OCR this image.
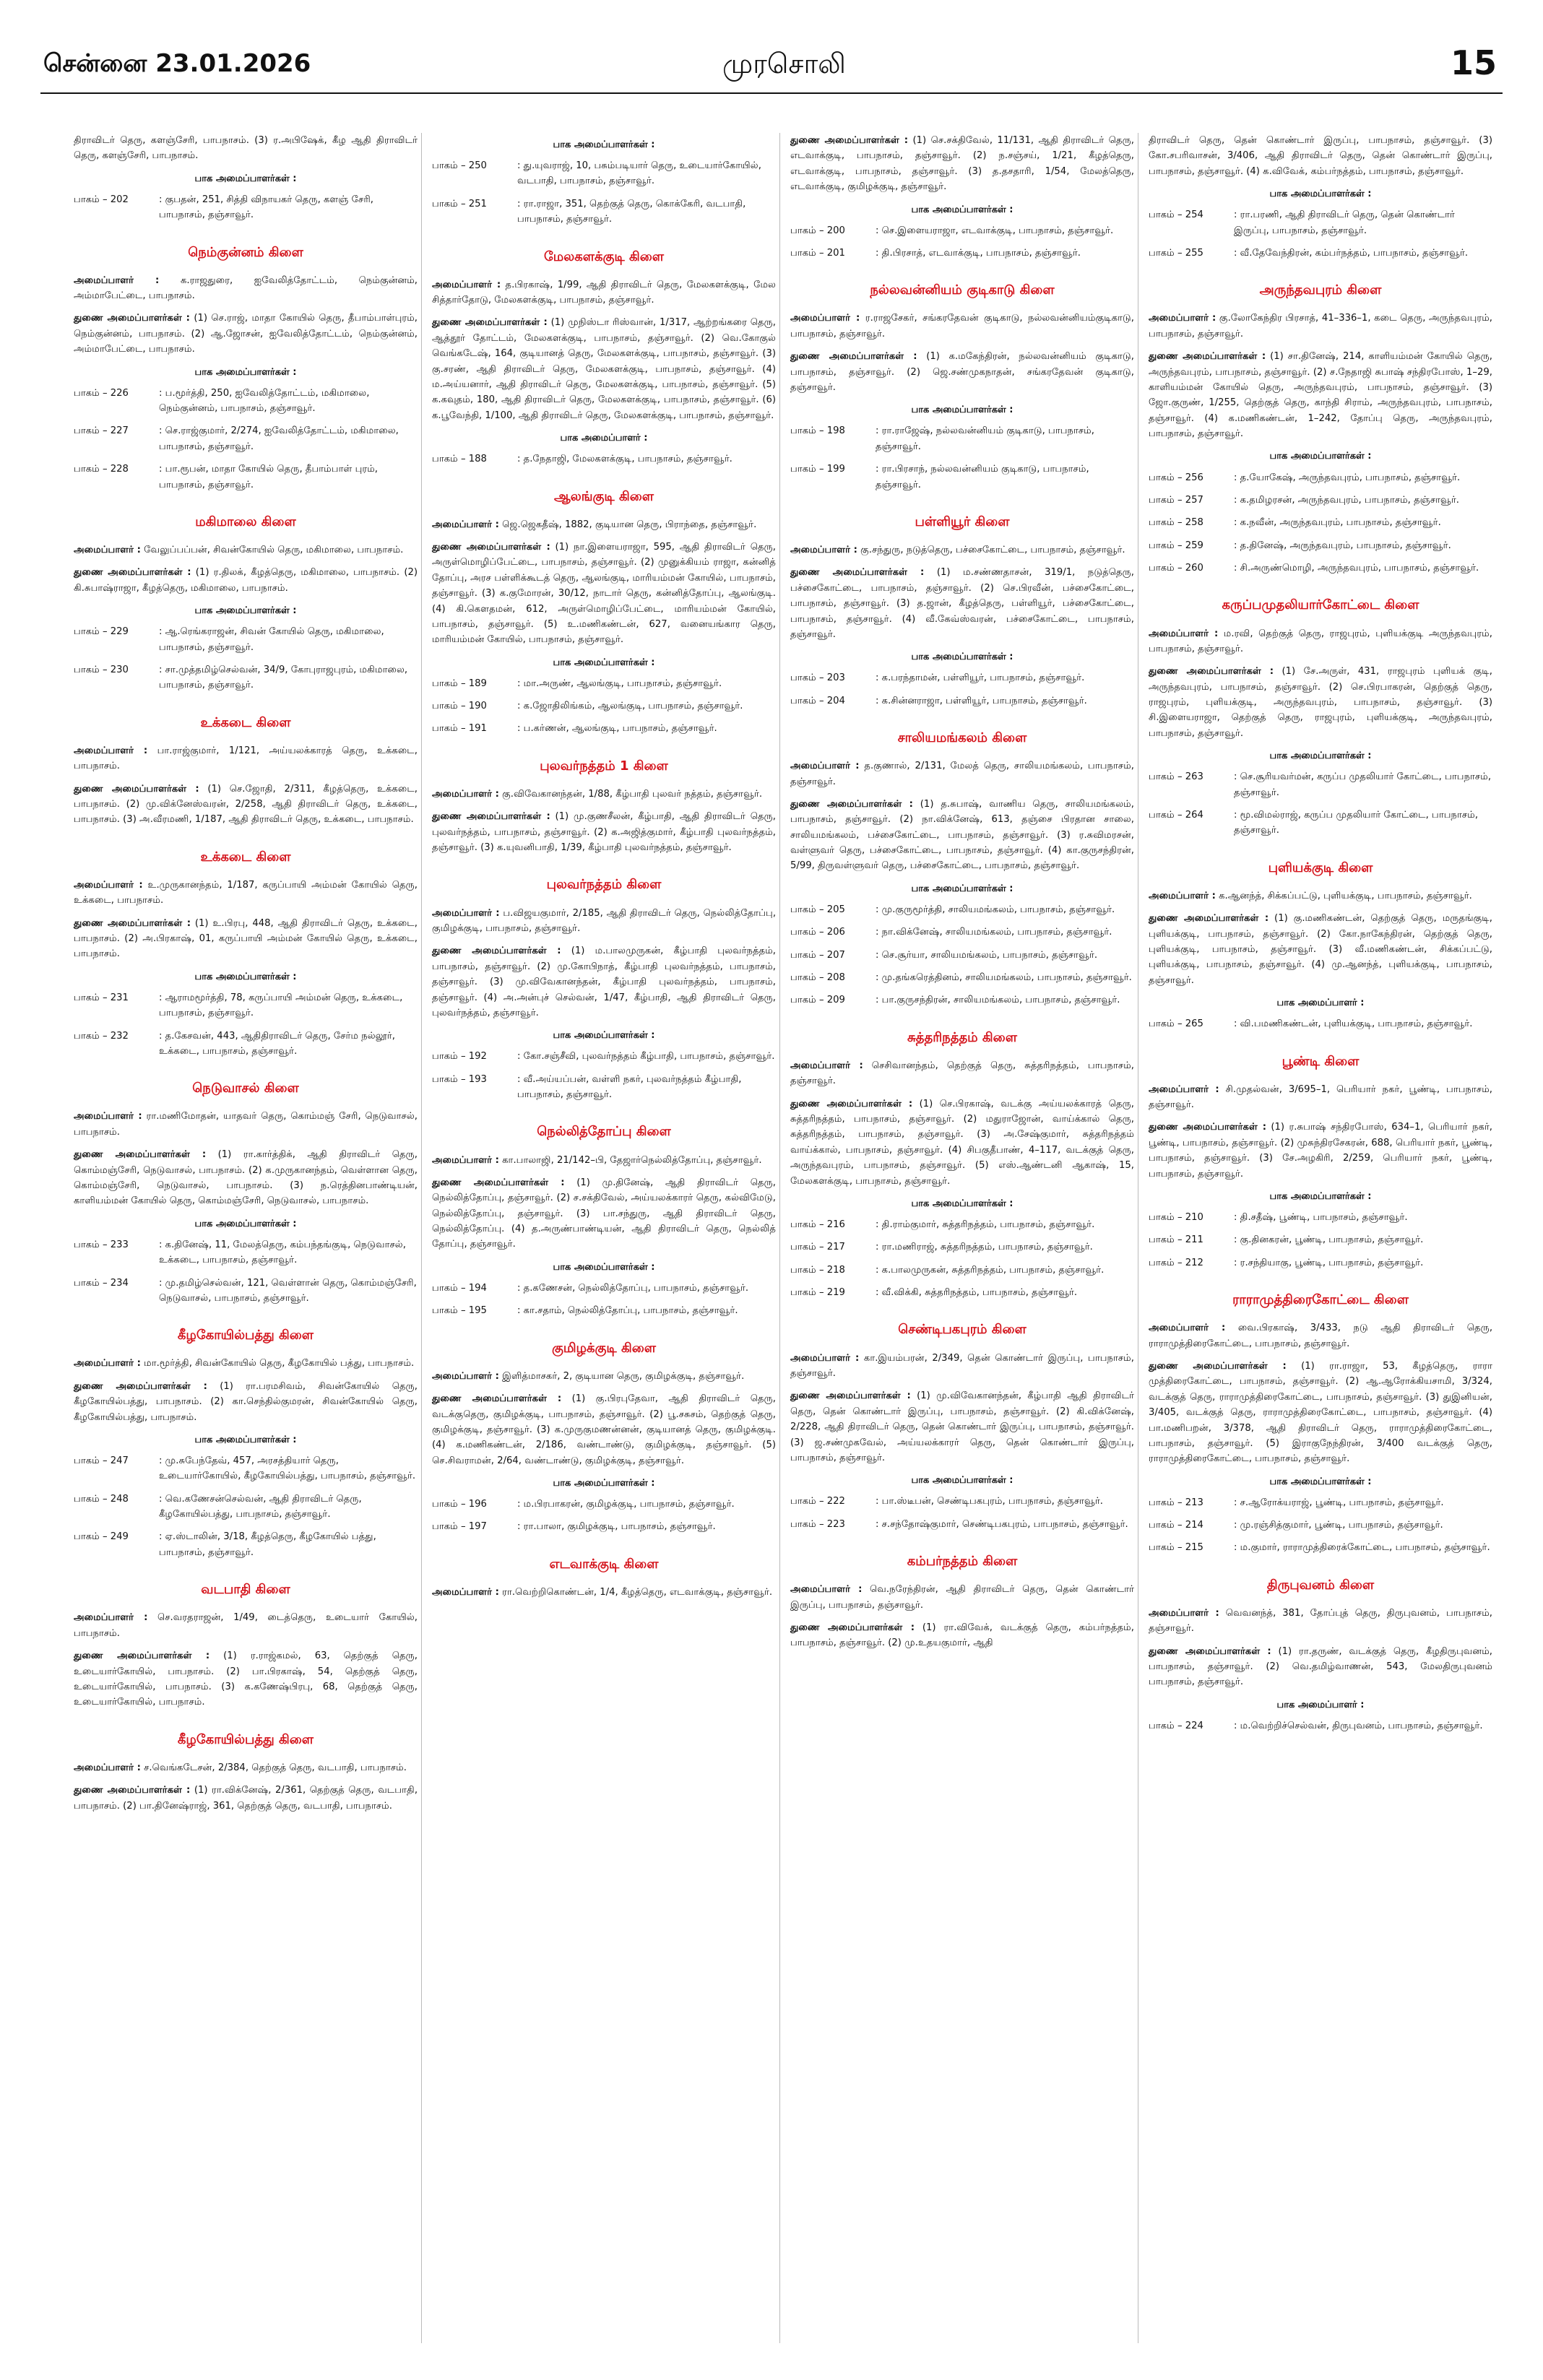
சென்னை 23.01.2026	முரசொலி	15

திராவிடர் தெரு, களஞ்சேரி, பாபநாசம். (3) ர.அபிஷேக், கீழ ஆதி திராவிடர் தெரு, களஞ்சேரி, பாபநாசம்.

பாக அமைப்பாளர்கள் :
பாகம் – 202	: குபதன், 251, சித்தி விநாயகர் தெரு, களஞ் சேரி, பாபநாசம், தஞ்சாவூர்.
நெம்குன்னம் கிளை

அமைப்பாளர் : க.ராஜதுரை, ஐவேலித்தோட்டம், நெம்குன்னம், அம்மாபேட்டை, பாபநாசம்.

துணை அமைப்பாளர்கள் : (1) செ.ராஜ், மாதா கோயில் தெரு, தீபாம்பாள்புரம், நெம்குன்னம், பாபநாசம். (2) ஆ.ஜோசன், ஐவேலித்தோட்டம், நெம்குன்னம், அம்மாபேட்டை, பாபநாசம்.

பாக அமைப்பாளர்கள் :
பாகம் – 226	: ப.மூர்த்தி, 250, ஐவேலித்தோட்டம், மகிமாலை, நெம்குன்னம், பாபநாசம், தஞ்சாவூர்.
பாகம் – 227	: செ.ராஜ்குமார், 2/274, ஐவேலித்தோட்டம், மகிமாலை, பாபநாசம், தஞ்சாவூர்.
பாகம் – 228	: பா.ரூபன், மாதா கோயில் தெரு, தீபாம்பாள் புரம், பாபநாசம், தஞ்சாவூர்.
மகிமாலை கிளை

அமைப்பாளர் : வேலுப்பப்பன், சிவன்கோயில் தெரு, மகிமாலை, பாபநாசம்.

துணை அமைப்பாளர்கள் : (1) ர.திலக், கீழத்தெரு, மகிமாலை, பாபநாசம். (2) கி.சுபாஷ்ராஜா, கீழத்தெரு, மகிமாலை, பாபநாசம்.

பாக அமைப்பாளர்கள் :
பாகம் – 229	: ஆ.ரெங்கராஜன், சிவன் கோயில் தெரு, மகிமாலை, பாபநாசம், தஞ்சாவூர்.
பாகம் – 230	: சா.முத்தமிழ்செல்வன், 34/9, கோபுராஜபுரம், மகிமாலை, பாபநாசம், தஞ்சாவூர்.
உக்கடை கிளை

அமைப்பாளர் : பா.ராஜ்குமார், 1/121, அய்யலக்காரத் தெரு, உக்கடை, பாபநாசம்.

துணை அமைப்பாளர்கள் : (1) செ.ஜோதி, 2/311, கீழத்தெரு, உக்கடை, பாபநாசம். (2) மு.விக்னேஸ்வரன், 2/258, ஆதி திராவிடர் தெரு, உக்கடை, பாபநாசம். (3) அ.வீரமணி, 1/187, ஆதி திராவிடர் தெரு, உக்கடை, பாபநாசம்.

உக்கடை கிளை

அமைப்பாளர் : உ.முருகானந்தம், 1/187, கருப்பாயி அம்மன் கோயில் தெரு, உக்கடை, பாபநாசம்.

துணை அமைப்பாளர்கள் : (1) உ.பிரபு, 448, ஆதி திராவிடர் தெரு, உக்கடை, பாபநாசம். (2) அ.பிரகாஷ், 01, கருப்பாயி அம்மன் கோயில் தெரு, உக்கடை, பாபநாசம்.

பாக அமைப்பாளர்கள் :
பாகம் – 231	: ஆராமமூர்த்தி, 78, கருப்பாயி அம்மன் தெரு, உக்கடை, பாபநாசம், தஞ்சாவூர்.
பாகம் – 232	: த.கேசவன், 443, ஆதிதிராவிடர் தெரு, சேர்ம நல்லூர், உக்கடை, பாபநாசம், தஞ்சாவூர்.
நெடுவாசல் கிளை

அமைப்பாளர் : ரா.மணிமோதன், யாதவர் தெரு, கொம்மஞ் சேரி, நெடுவாசல், பாபநாசம்.

துணை அமைப்பாளர்கள் : (1) ரா.கார்த்திக், ஆதி திராவிடர் தெரு, கொம்மஞ்சேரி, நெடுவாசல், பாபநாசம். (2) க.முருகானந்தம், வெள்ளான தெரு, கொம்மஞ்சேரி, நெடுவாசல், பாபநாசம். (3) ந.ரெத்தினபாண்டியன், காளியம்மன் கோயில் தெரு, கொம்மஞ்சேரி, நெடுவாசல், பாபநாசம்.

பாக அமைப்பாளர்கள் :
பாகம் – 233	: க.தினேஷ், 11, மேலத்தெரு, கம்பந்தங்குடி, நெடுவாசல், உக்கடை, பாபநாசம், தஞ்சாவூர்.
பாகம் – 234	: மு.தமிழ்செல்வன், 121, வெள்ளான் தெரு, கொம்மஞ்சேரி, நெடுவாசல், பாபநாசம், தஞ்சாவூர்.
கீழகோயில்பத்து கிளை

அமைப்பாளர் : மா.மூர்த்தி, சிவன்கோயில் தெரு, கீழகோயில் பத்து, பாபநாசம்.

துணை அமைப்பாளர்கள் : (1) ரா.பரமசிவம், சிவன்கோயில் தெரு, கீழகோயில்பத்து, பாபநாசம். (2) கா.செந்தில்குமரன், சிவன்கோயில் தெரு, கீழகோயில்பத்து, பாபநாசம்.

பாக அமைப்பாளர்கள் :
பாகம் – 247	: மு.சுபேந்தேவ், 457, அரசத்தியார் தெரு, உடையார்கோயில், கீழகோயில்பத்து, பாபநாசம், தஞ்சாவூர்.
பாகம் – 248	: வெ.கணேசன்செல்வன், ஆதி திராவிடர் தெரு, கீழகோயில்பத்து, பாபநாசம், தஞ்சாவூர்.
பாகம் – 249	: ஏ.ஸ்டாலின், 3/18, கீழத்தெரு, கீழகோயில் பத்து, பாபநாசம், தஞ்சாவூர்.
வடபாதி கிளை

அமைப்பாளர் : செ.வரதராஜன், 1/49, டைத்தெரு, உடையார் கோயில், பாபநாசம்.

துணை அமைப்பாளர்கள் : (1) ர.ராஜ்கமல், 63, தெற்குத் தெரு, உடையார்கோயில், பாபநாசம். (2) பா.பிரகாஷ், 54, தெற்குத் தெரு, உடையார்கோயில், பாபநாசம். (3) க.கணேஷ்பிரபு, 68, தெற்குத் தெரு, உடையார்கோயில், பாபநாசம்.

கீழகோயில்பத்து கிளை

அமைப்பாளர் : ச.வெங்கடேசன், 2/384, தெற்குத் தெரு, வடபாதி, பாபநாசம்.

துணை அமைப்பாளர்கள் : (1) ரா.விக்னேஷ், 2/361, தெற்குத் தெரு, வடபாதி, பாபநாசம். (2) பா.தினேஷ்ராஜ், 361, தெற்குத் தெரு, வடபாதி, பாபநாசம்.

பாக அமைப்பாளர்கள் :
பாகம் – 250	: து.யுவராஜ், 10, பசும்படியார் தெரு, உடையார்கோயில், வடபாதி, பாபநாசம், தஞ்சாவூர்.
பாகம் – 251	: ரா.ராஜா, 351, தெற்குத் தெரு, கொக்கேரி, வடபாதி, பாபநாசம், தஞ்சாவூர்.
மேலகளக்குடி கிளை

அமைப்பாளர் : த.பிரகாஷ், 1/99, ஆதி திராவிடர் தெரு, மேலகளக்குடி, மேல சித்தார்தோடு, மேலகளக்குடி, பாபநாசம், தஞ்சாவூர்.

துணை அமைப்பாளர்கள் : (1) முநிஸ்டா ரிஸ்வான், 1/317, ஆற்றங்கரை தெரு, ஆத்தூர் தோட்டம், மேலகளக்குடி, பாபநாசம், தஞ்சாவூர். (2) வெ.கோகுல் வெங்கடேஷ், 164, குடியானத் தெரு, மேலகளக்குடி, பாபநாசம், தஞ்சாவூர். (3) கு.சரண், ஆதி திராவிடர் தெரு, மேலகளக்குடி, பாபநாசம், தஞ்சாவூர். (4) ம.அய்யனார், ஆதி திராவிடர் தெரு, மேலகளக்குடி, பாபநாசம், தஞ்சாவூர். (5) க.கவுதம், 180, ஆதி திராவிடர் தெரு, மேலகளக்குடி, பாபநாசம், தஞ்சாவூர். (6) க.பூவேந்தி, 1/100, ஆதி திராவிடர் தெரு, மேலகளக்குடி, பாபநாசம், தஞ்சாவூர்.

பாக அமைப்பாளர் :
பாகம் – 188	: த.நேதாஜி, மேலகளக்குடி, பாபநாசம், தஞ்சாவூர்.
ஆலங்குடி கிளை

அமைப்பாளர் : ஜெ.ஜெகதீஷ், 1882, குடியான தெரு, பிராந்தை, தஞ்சாவூர்.

துணை அமைப்பாளர்கள் : (1) நா.இளையராஜா, 595, ஆதி திராவிடர் தெரு, அருள்மொழிப்பேட்டை, பாபநாசம், தஞ்சாவூர். (2) முனுக்கியம் ராஜா, கன்னித் தோப்பு, அரச பள்ளிக்கூடத் தெரு, ஆலங்குடி, மாரியம்மன் கோயில், பாபநாசம், தஞ்சாவூர். (3) க.குமோரன், 30/12, நாடார் தெரு, கன்னித்தோப்பு, ஆலங்குடி. (4) கி.கௌதமன், 612, அருள்மொழிப்பேட்டை, மாரியம்மன் கோயில், பாபநாசம், தஞ்சாவூர். (5) உ.மணிகண்டன், 627, வனையங்கார தெரு, மாரியம்மன் கோயில், பாபநாசம், தஞ்சாவூர்.

பாக அமைப்பாளர்கள் :
பாகம் – 189	: மா.அருண், ஆலங்குடி, பாபநாசம், தஞ்சாவூர்.
பாகம் – 190	: க.ஜோதிலிங்கம், ஆலங்குடி, பாபநாசம், தஞ்சாவூர்.
பாகம் – 191	: ப.கர்ணன், ஆலங்குடி, பாபநாசம், தஞ்சாவூர்.
புலவர்நத்தம் 1 கிளை

அமைப்பாளர் : கு.விவேகானந்தன், 1/88, கீழ்பாதி புலவர் நத்தம், தஞ்சாவூர்.

துணை அமைப்பாளர்கள் : (1) மு.குணசீலன், கீழ்பாதி, ஆதி திராவிடர் தெரு, புலவர்நத்தம், பாபநாசம், தஞ்சாவூர். (2) க.அஜித்குமார், கீழ்பாதி புலவர்நத்தம், தஞ்சாவூர். (3) க.யுவனிபாதி, 1/39, கீழ்பாதி புலவர்நத்தம், தஞ்சாவூர்.

புலவர்நத்தம் கிளை

அமைப்பாளர் : ப.விஜயகுமார், 2/185, ஆதி திராவிடர் தெரு, நெல்லித்தோப்பு, குமிழக்குடி, பாபநாசம், தஞ்சாவூர்.

துணை அமைப்பாளர்கள் : (1) ம.பாலமுருகன், கீழ்பாதி புலவர்நத்தம், பாபநாசம், தஞ்சாவூர். (2) மு.கோபிநாத், கீழ்பாதி புலவர்நத்தம், பாபநாசம், தஞ்சாவூர். (3) மு.விவேகானந்தன், கீழ்பாதி புலவர்நத்தம், பாபநாசம், தஞ்சாவூர். (4) அ.அன்புச் செல்வன், 1/47, கீழ்பாதி, ஆதி திராவிடர் தெரு, புலவர்நத்தம், தஞ்சாவூர்.

பாக அமைப்பாளர்கள் :
பாகம் – 192	: கோ.சஞ்சீவி, புலவர்நத்தம் கீழ்பாதி, பாபநாசம், தஞ்சாவூர்.
பாகம் – 193	: வீ.அய்யப்பன், வள்ளி நகர், புலவர்நத்தம் கீழ்பாதி, பாபநாசம், தஞ்சாவூர்.
நெல்லித்தோப்பு கிளை

அமைப்பாளர் : கா.பாலாஜி, 21/142–பி, தேஜார்நெல்லித்தோப்பு, தஞ்சாவூர்.

துணை அமைப்பாளர்கள் : (1) மு.தினேஷ், ஆதி திராவிடர் தெரு, நெல்லித்தோப்பு, தஞ்சாவூர். (2) ச.சக்திவேல், அய்யலக்காரர் தெரு, கல்விமேடு, நெல்லித்தோப்பு, தஞ்சாவூர். (3) பா.சந்துரு, ஆதி திராவிடர் தெரு, நெல்லித்தோப்பு. (4) த.அருண்பாண்டியன், ஆதி திராவிடர் தெரு, நெல்லித் தோப்பு, தஞ்சாவூர்.

பாக அமைப்பாளர்கள் :
பாகம் – 194	: த.கணேசன், நெல்லித்தோப்பு, பாபநாசம், தஞ்சாவூர்.
பாகம் – 195	: கா.சதாம், நெல்லித்தோப்பு, பாபநாசம், தஞ்சாவூர்.
குமிழக்குடி கிளை

அமைப்பாளர் : இளித்மாசகர், 2, குடியான தெரு, குமிழக்குடி, தஞ்சாவூர்.

துணை அமைப்பாளர்கள் : (1) கு.பிரபுதேவா, ஆதி திராவிடர் தெரு, வடக்குதெரு, குமிழக்குடி, பாபநாசம், தஞ்சாவூர். (2) பூ.சசுசம், தெற்குத் தெரு, குமிழக்குடி, தஞ்சாவூர். (3) க.முருகுமணன்னன், குடியானத் தெரு, குமிழக்குடி. (4) க.மணிகண்டன், 2/186, வண்டாண்டு, குமிழக்குடி, தஞ்சாவூர். (5) செ.சிவராமன், 2/64, வண்டாண்டு, குமிழக்குடி, தஞ்சாவூர்.

பாக அமைப்பாளர்கள் :
பாகம் – 196	: ம.பிரபாகரன், குமிழக்குடி, பாபநாசம், தஞ்சாவூர்.
பாகம் – 197	: ரா.பாலா, குமிழக்குடி, பாபநாசம், தஞ்சாவூர்.
எடவாக்குடி கிளை

அமைப்பாளர் : ரா.வெற்றிகொண்டன், 1/4, கீழத்தெரு, எடவாக்குடி, தஞ்சாவூர்.

துணை அமைப்பாளர்கள் : (1) செ.சக்திவேல், 11/131, ஆதி திராவிடர் தெரு, எடவாக்குடி, பாபநாசம், தஞ்சாவூர். (2) ந.சஞ்சய், 1/21, கீழத்தெரு, எடவாக்குடி, பாபநாசம், தஞ்சாவூர். (3) த.தசதாரி, 1/54, மேலத்தெரு, எடவாக்குடி, குமிழக்குடி, தஞ்சாவூர்.

பாக அமைப்பாளர்கள் :
பாகம் – 200	: செ.இளையராஜா, எடவாக்குடி, பாபநாசம், தஞ்சாவூர்.
பாகம் – 201	: தி.பிரசாத், எடவாக்குடி, பாபநாசம், தஞ்சாவூர்.
நல்லவன்னியம் குடிகாடு கிளை

அமைப்பாளர் : ர.ராஜசேகர், சங்கரதேவன் குடிகாடு, நல்லவன்னியம்குடிகாடு, பாபநாசம், தஞ்சாவூர்.

துணை அமைப்பாளர்கள் : (1) க.மகேந்திரன், நல்லவன்னியம் குடிகாடு, பாபநாசம், தஞ்சாவூர். (2) ஜெ.சண்முகநாதன், சங்கரதேவன் குடிகாடு, தஞ்சாவூர்.

பாக அமைப்பாளர்கள் :
பாகம் – 198	: ரா.ராஜேஷ், நல்லவன்னியம் குடிகாடு, பாபநாசம், தஞ்சாவூர்.
பாகம் – 199	: ரா.பிரசாந், நல்லவன்னியம் குடிகாடு, பாபநாசம், தஞ்சாவூர்.
பள்ளியூர் கிளை

அமைப்பாளர் : கு.சந்துரு, நடுத்தெரு, பச்சைகோட்டை, பாபநாசம், தஞ்சாவூர்.

துணை அமைப்பாளர்கள் : (1) ம.சண்ணதாசன், 319/1, நடுத்தெரு, பச்சைகோட்டை, பாபநாசம், தஞ்சாவூர். (2) செ.பிரவீன், பச்சைகோட்டை, பாபநாசம், தஞ்சாவூர். (3) த.ஜான், கீழத்தெரு, பள்ளியூர், பச்சைகோட்டை, பாபநாசம், தஞ்சாவூர். (4) வீ.கேவ்ஸ்வரன், பச்சைகோட்டை, பாபநாசம், தஞ்சாவூர்.

பாக அமைப்பாளர்கள் :
பாகம் – 203	: க.பரந்தாமன், பள்ளியூர், பாபநாசம், தஞ்சாவூர்.
பாகம் – 204	: க.சின்னராஜா, பள்ளியூர், பாபநாசம், தஞ்சாவூர்.
சாலியமங்கலம் கிளை

அமைப்பாளர் : த.குணால், 2/131, மேலத் தெரு, சாலியமங்கலம், பாபநாசம், தஞ்சாவூர்.

துணை அமைப்பாளர்கள் : (1) த.சுபாஷ், வாணிய தெரு, சாலியமங்கலம், பாபநாசம், தஞ்சாவூர். (2) நா.விக்னேஷ், 613, தஞ்சை பிரதான சாலை, சாலியமங்கலம், பச்சைகோட்டை, பாபநாசம், தஞ்சாவூர். (3) ர.சுவிமரசன், வள்ளுவர் தெரு, பச்சைகோட்டை, பாபநாசம், தஞ்சாவூர். (4) கா.குருசந்திரன், 5/99, திருவள்ளுவர் தெரு, பச்சைகோட்டை, பாபநாசம், தஞ்சாவூர்.

பாக அமைப்பாளர்கள் :
பாகம் – 205	: மு.குருமூர்த்தி, சாலியமங்கலம், பாபநாசம், தஞ்சாவூர்.
பாகம் – 206	: நா.விக்னேஷ், சாலியமங்கலம், பாபநாசம், தஞ்சாவூர்.
பாகம் – 207	: செ.சூர்யா, சாலியமங்கலம், பாபநாசம், தஞ்சாவூர்.
பாகம் – 208	: மு.தங்கரெத்தினம், சாலியமங்கலம், பாபநாசம், தஞ்சாவூர்.
பாகம் – 209	: பா.குருசந்திரன், சாலியமங்கலம், பாபநாசம், தஞ்சாவூர்.
சுத்தரிநத்தம் கிளை

அமைப்பாளர் : செசிவானந்தம், தெற்குத் தெரு, சுத்தரிநத்தம், பாபநாசம், தஞ்சாவூர்.

துணை அமைப்பாளர்கள் : (1) செ.பிரகாஷ், வடக்கு அய்யலக்காரத் தெரு, சுத்தரிநத்தம், பாபநாசம், தஞ்சாவூர். (2) மதுராஜோன், வாய்க்கால் தெரு, சுத்தரிநத்தம், பாபநாசம், தஞ்சாவூர். (3) அ.சேஷ்குமார், சுத்தரிநத்தம் வாய்க்கால், பாபநாசம், தஞ்சாவூர். (4) சிபகுதீபாண், 4–117, வடக்குத் தெரு, அருந்தவபுரம், பாபநாசம், தஞ்சாவூர். (5) எஸ்.ஆண்டனி ஆகாஷ், 15, மேலகளக்குடி, பாபநாசம், தஞ்சாவூர்.

பாக அமைப்பாளர்கள் :
பாகம் – 216	: தி.ராம்குமார், சுத்தரிநத்தம், பாபநாசம், தஞ்சாவூர்.
பாகம் – 217	: ரா.மணிராஜ், சுத்தரிநத்தம், பாபநாசம், தஞ்சாவூர்.
பாகம் – 218	: க.பாலமுருகன், சுத்தரிநத்தம், பாபநாசம், தஞ்சாவூர்.
பாகம் – 219	: வீ.விக்கி, சுத்தரிநத்தம், பாபநாசம், தஞ்சாவூர்.
செண்டிபகபுரம் கிளை

அமைப்பாளர் : கா.இயம்பரன், 2/349, தென் கொண்டார் இருப்பு, பாபநாசம், தஞ்சாவூர்.

துணை அமைப்பாளர்கள் : (1) மு.விவேகானந்தன், கீழ்பாதி ஆதி திராவிடர் தெரு, தென் கொண்டார் இருப்பு, பாபநாசம், தஞ்சாவூர். (2) கி.விக்னேஷ், 2/228, ஆதி திராவிடர் தெரு, தென் கொண்டார் இருப்பு, பாபநாசம், தஞ்சாவூர். (3) ஜ.சண்முகவேல், அய்யலக்காரர் தெரு, தென் கொண்டார் இருப்பு, பாபநாசம், தஞ்சாவூர்.

பாக அமைப்பாளர்கள் :
பாகம் – 222	: பா.ஸ்டீபன், செண்டிபகபுரம், பாபநாசம், தஞ்சாவூர்.
பாகம் – 223	: ச.சந்தோஷ்குமார், செண்டிபகபுரம், பாபநாசம், தஞ்சாவூர்.
கம்பர்நத்தம் கிளை

அமைப்பாளர் : வெ.நரேந்திரன், ஆதி திராவிடர் தெரு, தென் கொண்டார் இருப்பு, பாபநாசம், தஞ்சாவூர்.

துணை அமைப்பாளர்கள் : (1) ரா.விவேக், வடக்குத் தெரு, கம்பர்நத்தம், பாபநாசம், தஞ்சாவூர். (2) மு.உதயகுமார், ஆதி

திராவிடர் தெரு, தென் கொண்டார் இருப்பு, பாபநாசம், தஞ்சாவூர். (3) கோ.சபரிவாசன், 3/406, ஆதி திராவிடர் தெரு, தென் கொண்டார் இருப்பு, பாபநாசம், தஞ்சாவூர். (4) க.விவேக், கம்பர்நத்தம், பாபநாசம், தஞ்சாவூர்.

பாக அமைப்பாளர்கள் :
பாகம் – 254	: ரா.பரணி, ஆதி திராவிடர் தெரு, தென் கொண்டார் இருப்பு, பாபநாசம், தஞ்சாவூர்.
பாகம் – 255	: வீ.தேவேந்திரன், கம்பர்நத்தம், பாபநாசம், தஞ்சாவூர்.
அருந்தவபுரம் கிளை

அமைப்பாளர் : கு.லோகேந்திர பிரசாத், 41–336–1, கடை தெரு, அருந்தவபுரம், பாபநாசம், தஞ்சாவூர்.

துணை அமைப்பாளர்கள் : (1) சா.தினேஷ், 214, காளியம்மன் கோயில் தெரு, அருந்தவபுரம், பாபநாசம், தஞ்சாவூர். (2) ச.நேதாஜி சுபாஷ் சந்திரபோஸ், 1–29, காளியம்மன் கோயில் தெரு, அருந்தவபுரம், பாபநாசம், தஞ்சாவூர். (3) ஜோ.குருண், 1/255, தெற்குத் தெரு, காந்தி சிராம், அருந்தவபுரம், பாபநாசம், தஞ்சாவூர். (4) க.மணிகண்டன், 1–242, தோப்பு தெரு, அருந்தவபுரம், பாபநாசம், தஞ்சாவூர்.

பாக அமைப்பாளர்கள் :
பாகம் – 256	: த.யோகேஷ், அருந்தவபுரம், பாபநாசம், தஞ்சாவூர்.
பாகம் – 257	: க.தமிழரசன், அருந்தவபுரம், பாபநாசம், தஞ்சாவூர்.
பாகம் – 258	: க.நவீன், அருந்தவபுரம், பாபநாசம், தஞ்சாவூர்.
பாகம் – 259	: த.தினேஷ், அருந்தவபுரம், பாபநாசம், தஞ்சாவூர்.
பாகம் – 260	: சி.அருண்மொழி, அருந்தவபுரம், பாபநாசம், தஞ்சாவூர்.
கருப்பமுதலியார்கோட்டை கிளை

அமைப்பாளர் : ம.ரவி, தெற்குத் தெரு, ராஜபுரம், புளியக்குடி அருந்தவபுரம், பாபநாசம், தஞ்சாவூர்.

துணை அமைப்பாளர்கள் : (1) சே.அருள், 431, ராஜபுரம் புளியக் குடி, அருந்தவபுரம், பாபநாசம், தஞ்சாவூர். (2) செ.பிரபாகரன், தெற்குத் தெரு, ராஜபுரம், புளியக்குடி, அருந்தவபுரம், பாபநாசம், தஞ்சாவூர். (3) சி.இளையராஜா, தெற்குத் தெரு, ராஜபுரம், புளியக்குடி, அருந்தவபுரம், பாபநாசம், தஞ்சாவூர்.

பாக அமைப்பாளர்கள் :
பாகம் – 263	: செ.சூரியவர்மன், கருப்ப முதலியார் கோட்டை, பாபநாசம், தஞ்சாவூர்.
பாகம் – 264	: மூ.விமல்ராஜ், கருப்ப முதலியார் கோட்டை, பாபநாசம், தஞ்சாவூர்.
புளியக்குடி கிளை

அமைப்பாளர் : க.ஆனந்த், சிக்கப்பட்டு, புளியக்குடி, பாபநாசம், தஞ்சாவூர்.

துணை அமைப்பாளர்கள் : (1) கு.மணிகண்டன், தெற்குத் தெரு, மருதங்குடி, புளியக்குடி, பாபநாசம், தஞ்சாவூர். (2) கோ.நாகேந்திரன், தெற்குத் தெரு, புளியக்குடி, பாபநாசம், தஞ்சாவூர். (3) வீ.மணிகண்டன், சிக்கப்பட்டு, புளியக்குடி, பாபநாசம், தஞ்சாவூர். (4) மு.ஆனந்த், புளியக்குடி, பாபநாசம், தஞ்சாவூர்.

பாக அமைப்பாளர் :
பாகம் – 265	: வி.பமணிகண்டன், புளியக்குடி, பாபநாசம், தஞ்சாவூர்.
பூண்டி கிளை

அமைப்பாளர் : சி.முதல்வன், 3/695–1, பெரியார் நகர், பூண்டி, பாபநாசம், தஞ்சாவூர்.

துணை அமைப்பாளர்கள் : (1) ர.சுபாஷ் சந்திரபோஸ், 634–1, பெரியார் நகர், பூண்டி, பாபநாசம், தஞ்சாவூர். (2) முசுந்திரசேகரன், 688, பெரியார் நகர், பூண்டி, பாபநாசம், தஞ்சாவூர். (3) சே.அழகிரி, 2/259, பெரியார் நகர், பூண்டி, பாபநாசம், தஞ்சாவூர்.

பாக அமைப்பாளர்கள் :
பாகம் – 210	: தி.சதீஷ், பூண்டி, பாபநாசம், தஞ்சாவூர்.
பாகம் – 211	: கு.தினகரன், பூண்டி, பாபநாசம், தஞ்சாவூர்.
பாகம் – 212	: ர.சந்தியாகு, பூண்டி, பாபநாசம், தஞ்சாவூர்.
ராராமுத்திரைகோட்டை கிளை

அமைப்பாளர் : வை.பிரகாஷ், 3/433, நடு ஆதி திராவிடர் தெரு, ராராமுத்திரைகோட்டை, பாபநாசம், தஞ்சாவூர்.

துணை அமைப்பாளர்கள் : (1) ரா.ராஜா, 53, கீழத்தெரு, ராரா முத்திரைகோட்டை, பாபநாசம், தஞ்சாவூர். (2) ஆ.ஆரோக்கியசாமி, 3/324, வடக்குத் தெரு, ராராமுத்திரைகோட்டை, பாபநாசம், தஞ்சாவூர். (3) துஇனியன், 3/405, வடக்குத் தெரு, ராராமுத்திரைகோட்டை, பாபநாசம், தஞ்சாவூர். (4) பா.மணிபறன், 3/378, ஆதி திராவிடர் தெரு, ராராமுத்திரைகோட்டை, பாபநாசம், தஞ்சாவூர். (5) இராகுநேந்திரன், 3/400 வடக்குத் தெரு, ராராமுத்திரைகோட்டை, பாபநாசம், தஞ்சாவூர்.

பாக அமைப்பாளர்கள் :
பாகம் – 213	: ச.ஆரோக்யராஜ், பூண்டி, பாபநாசம், தஞ்சாவூர்.
பாகம் – 214	: மு.ரஞ்சித்குமார், பூண்டி, பாபநாசம், தஞ்சாவூர்.
பாகம் – 215	: ம.குமார், ராராமுத்திரைக்கோட்டை, பாபநாசம், தஞ்சாவூர்.
திருபுவனம் கிளை

அமைப்பாளர் : வெவனந்த், 381, தோப்புத் தெரு, திருபுவனம், பாபநாசம், தஞ்சாவூர்.

துணை அமைப்பாளர்கள் : (1) ரா.தருண், வடக்குத் தெரு, கீழதிருபுவனம், பாபநாசம், தஞ்சாவூர். (2) வெ.தமிழ்வாணன், 543, மேலதிருபுவனம் பாபநாசம், தஞ்சாவூர்.

பாக அமைப்பாளர் :
பாகம் – 224	: ம.வெற்றிச்செல்வன், திருபுவனம், பாபநாசம், தஞ்சாவூர்.
